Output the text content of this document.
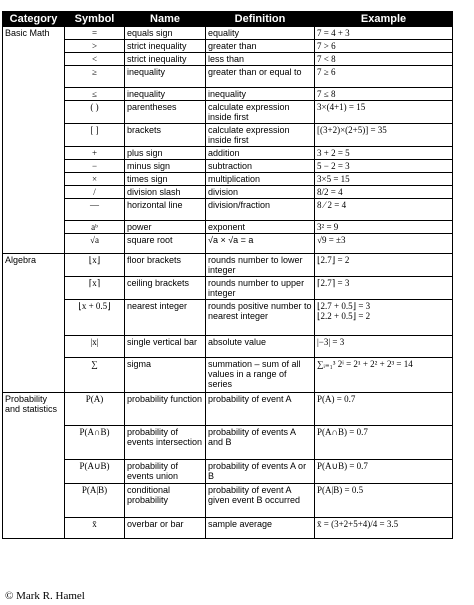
Category	Symbol	Name	Definition	Example
Basic Math	=	equals sign	equality	7 = 4 + 3

	>	strict inequality	greater than	7 > 6

	<	strict inequality	less than	7 < 8

	≥	inequality	greater than or equal to	7 ≥ 6

	≤	inequality	inequality	7 ≤ 8

	( )	parentheses	calculate expression inside first	3×(4+1) = 15

	[ ]	brackets	calculate expression inside first	[(3+2)×(2+5)] = 35

	+	plus sign	addition	3 + 2 = 5

	−	minus sign	subtraction	5 − 2 = 3

	×	times sign	multiplication	3×5 = 15

	/	division slash	division	8/2 = 4

	―	horizontal line	division/fraction	8 ⁄ 2 = 4

	aᵇ	power	exponent	3² = 9

	√a	square root	√a × √a = a	√9 = ±3

Algebra	⌊x⌋	floor brackets	rounds number to lower integer	⌊2.7⌋ = 2

	⌈x⌉	ceiling brackets	rounds number to upper integer	⌈2.7⌉ = 3

	⌊x + 0.5⌋	nearest integer	rounds positive number to nearest integer	⌊2.7 + 0.5⌋ = 3
⌊2.2 + 0.5⌋ = 2

	|x|	single vertical bar	absolute value	|−3| = 3

	∑	sigma	summation – sum of all values in a range of series	∑ᵢ₌₁³ 2ⁱ = 2¹ + 2² + 2³ = 14

Probability and statistics	P(A)	probability function	probability of event A	P(A) = 0.7

	P(A∩B)	probability of events intersection	probability of events A and B	P(A∩B) = 0.7

	P(A∪B)	probability of events union	probability of events A or B	P(A∪B) = 0.7

	P(A|B)	conditional probability	probability of event A given event B occurred	P(A|B) = 0.5

	x̄	overbar or bar	sample average	x̄ = (3+2+5+4)/4 = 3.5
© Mark R. Hamel
